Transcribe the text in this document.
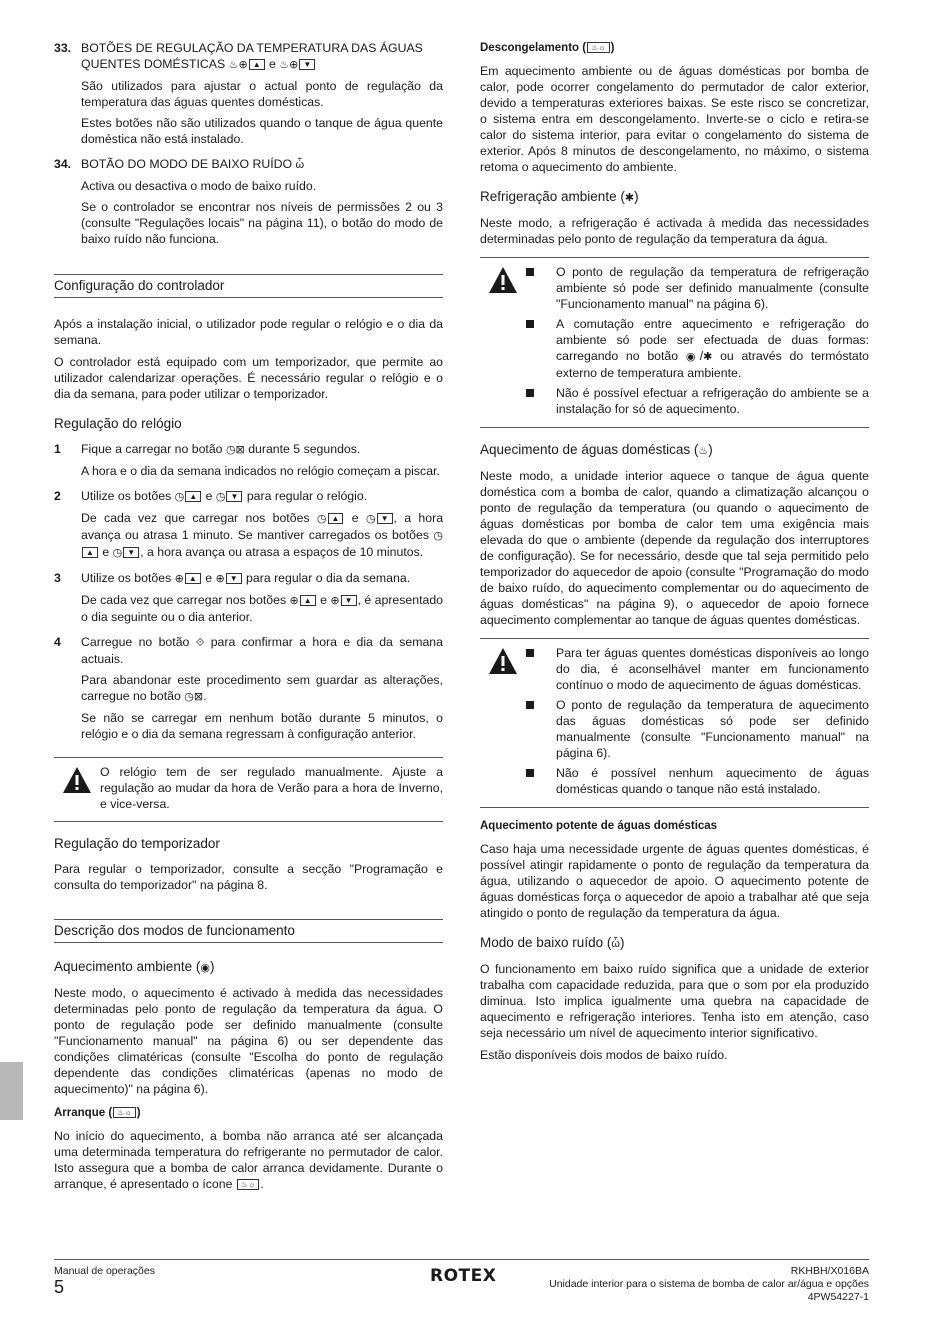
33. BOTÕES DE REGULAÇÃO DA TEMPERATURA DAS ÁGUAS QUENTES DOMÉSTICAS ♨⊕ ▲ e ♨⊕ ▼

São utilizados para ajustar o actual ponto de regulação da temperatura das águas quentes domésticas.

Estes botões não são utilizados quando o tanque de água quente doméstica não está instalado.

34. BOTÃO DO MODO DE BAIXO RUÍDO ὦ

Activa ou desactiva o modo de baixo ruído.

Se o controlador se encontrar nos níveis de permissões 2 ou 3 (consulte "Regulações locais" na página 11), o botão do modo de baixo ruído não funciona.

Configuração do controlador

Após a instalação inicial, o utilizador pode regular o relógio e o dia da semana.

O controlador está equipado com um temporizador, que permite ao utilizador calendarizar operações. É necessário regular o relógio e o dia da semana, para poder utilizar o temporizador.

Regulação do relógio
1	Fique a carregar no botão ◷⊠ durante 5 segundos.

A hora e o dia da semana indicados no relógio começam a piscar.

2	Utilize os botões ◷ ▲ e ◷ ▼ para regular o relógio.

De cada vez que carregar nos botões ◷ ▲ e ◷ ▼ , a hora avança ou atrasa 1 minuto. Se mantiver carregados os botões ◷▲ e ◷ ▼ , a hora avança ou atrasa a espaços de 10 minutos.

3	Utilize os botões ⊕ ▲ e ⊕ ▼ para regular o dia da semana.

De cada vez que carregar nos botões ⊕ ▲ e ⊕ ▼ , é apresentado o dia seguinte ou o dia anterior.

4	Carregue no botão ⟐ para confirmar a hora e dia da semana actuais.

Para abandonar este procedimento sem guardar as alterações, carregue no botão ◷⊠.

Se não se carregar em nenhum botão durante 5 minutos, o relógio e o dia da semana regressam à configuração anterior.

O relógio tem de ser regulado manualmente. Ajuste a regulação ao mudar da hora de Verão para a hora de Inverno, e vice-versa.

Regulação do temporizador

Para regular o temporizador, consulte a secção "Programação e consulta do temporizador" na página 8.

Descrição dos modos de funcionamento
Aquecimento ambiente (◉)

Neste modo, o aquecimento é activado à medida das necessidades determinadas pelo ponto de regulação da temperatura da água. O ponto de regulação pode ser definido manualmente (consulte "Funcionamento manual" na página 6) ou ser dependente das condições climatéricas (consulte "Escolha do ponto de regulação dependente das condições climatéricas (apenas no modo de aquecimento)" na página 6).

Arranque ( ♨☼ )

No início do aquecimento, a bomba não arranca até ser alcançada uma determinada temperatura do refrigerante no permutador de calor. Isto assegura que a bomba de calor arranca devidamente. Durante o arranque, é apresentado o ícone ♨☼ .

Descongelamento ( ♨☼ )

Em aquecimento ambiente ou de águas domésticas por bomba de calor, pode ocorrer congelamento do permutador de calor exterior, devido a temperaturas exteriores baixas. Se este risco se concretizar, o sistema entra em descongelamento. Inverte-se o ciclo e retira-se calor do sistema interior, para evitar o congelamento do sistema de exterior. Após 8 minutos de descongelamento, no máximo, o sistema retoma o aquecimento do ambiente.

Refrigeração ambiente (✱)

Neste modo, a refrigeração é activada à medida das necessidades determinadas pelo ponto de regulação da temperatura da água.

O ponto de regulação da temperatura de refrigeração ambiente só pode ser definido manualmente (consulte "Funcionamento manual" na página 6).
A comutação entre aquecimento e refrigeração do ambiente só pode ser efectuada de duas formas: carregando no botão ◉/✱ ou através do termóstato externo de temperatura ambiente.
Não é possível efectuar a refrigeração do ambiente se a instalação for só de aquecimento.
Aquecimento de águas domésticas (♨)

Neste modo, a unidade interior aquece o tanque de água quente doméstica com a bomba de calor, quando a climatização alcançou o ponto de regulação da temperatura (ou quando o aquecimento de águas domésticas por bomba de calor tem uma exigência mais elevada do que o ambiente (depende da regulação dos interruptores de configuração). Se for necessário, desde que tal seja permitido pelo temporizador do aquecedor de apoio (consulte "Programação do modo de baixo ruído, do aquecimento complementar ou do aquecimento de águas domésticas" na página 9), o aquecedor de apoio fornece aquecimento complementar ao tanque de águas quentes domésticas.

Para ter águas quentes domésticas disponíveis ao longo do dia, é aconselhável manter em funcionamento contínuo o modo de aquecimento de águas domésticas.
O ponto de regulação da temperatura de aquecimento das águas domésticas só pode ser definido manualmente (consulte "Funcionamento manual" na página 6).
Não é possível nenhum aquecimento de águas domésticas quando o tanque não está instalado.
Aquecimento potente de águas domésticas

Caso haja uma necessidade urgente de águas quentes domésticas, é possível atingir rapidamente o ponto de regulação da temperatura da água, utilizando o aquecedor de apoio. O aquecimento potente de águas domésticas força o aquecedor de apoio a trabalhar até que seja atingido o ponto de regulação da temperatura da água.

Modo de baixo ruído (ὦ)

O funcionamento em baixo ruído significa que a unidade de exterior trabalha com capacidade reduzida, para que o som por ela produzido diminua. Isto implica igualmente uma quebra na capacidade de aquecimento e refrigeração interiores. Tenha isto em atenção, caso seja necessário um nível de aquecimento interior significativo.

Estão disponíveis dois modos de baixo ruído.

Manual de operações
5
ROTEX	RKHBH/X016BA
Unidade interior para o sistema de bomba de calor ar/água e opções
4PW54227-1
